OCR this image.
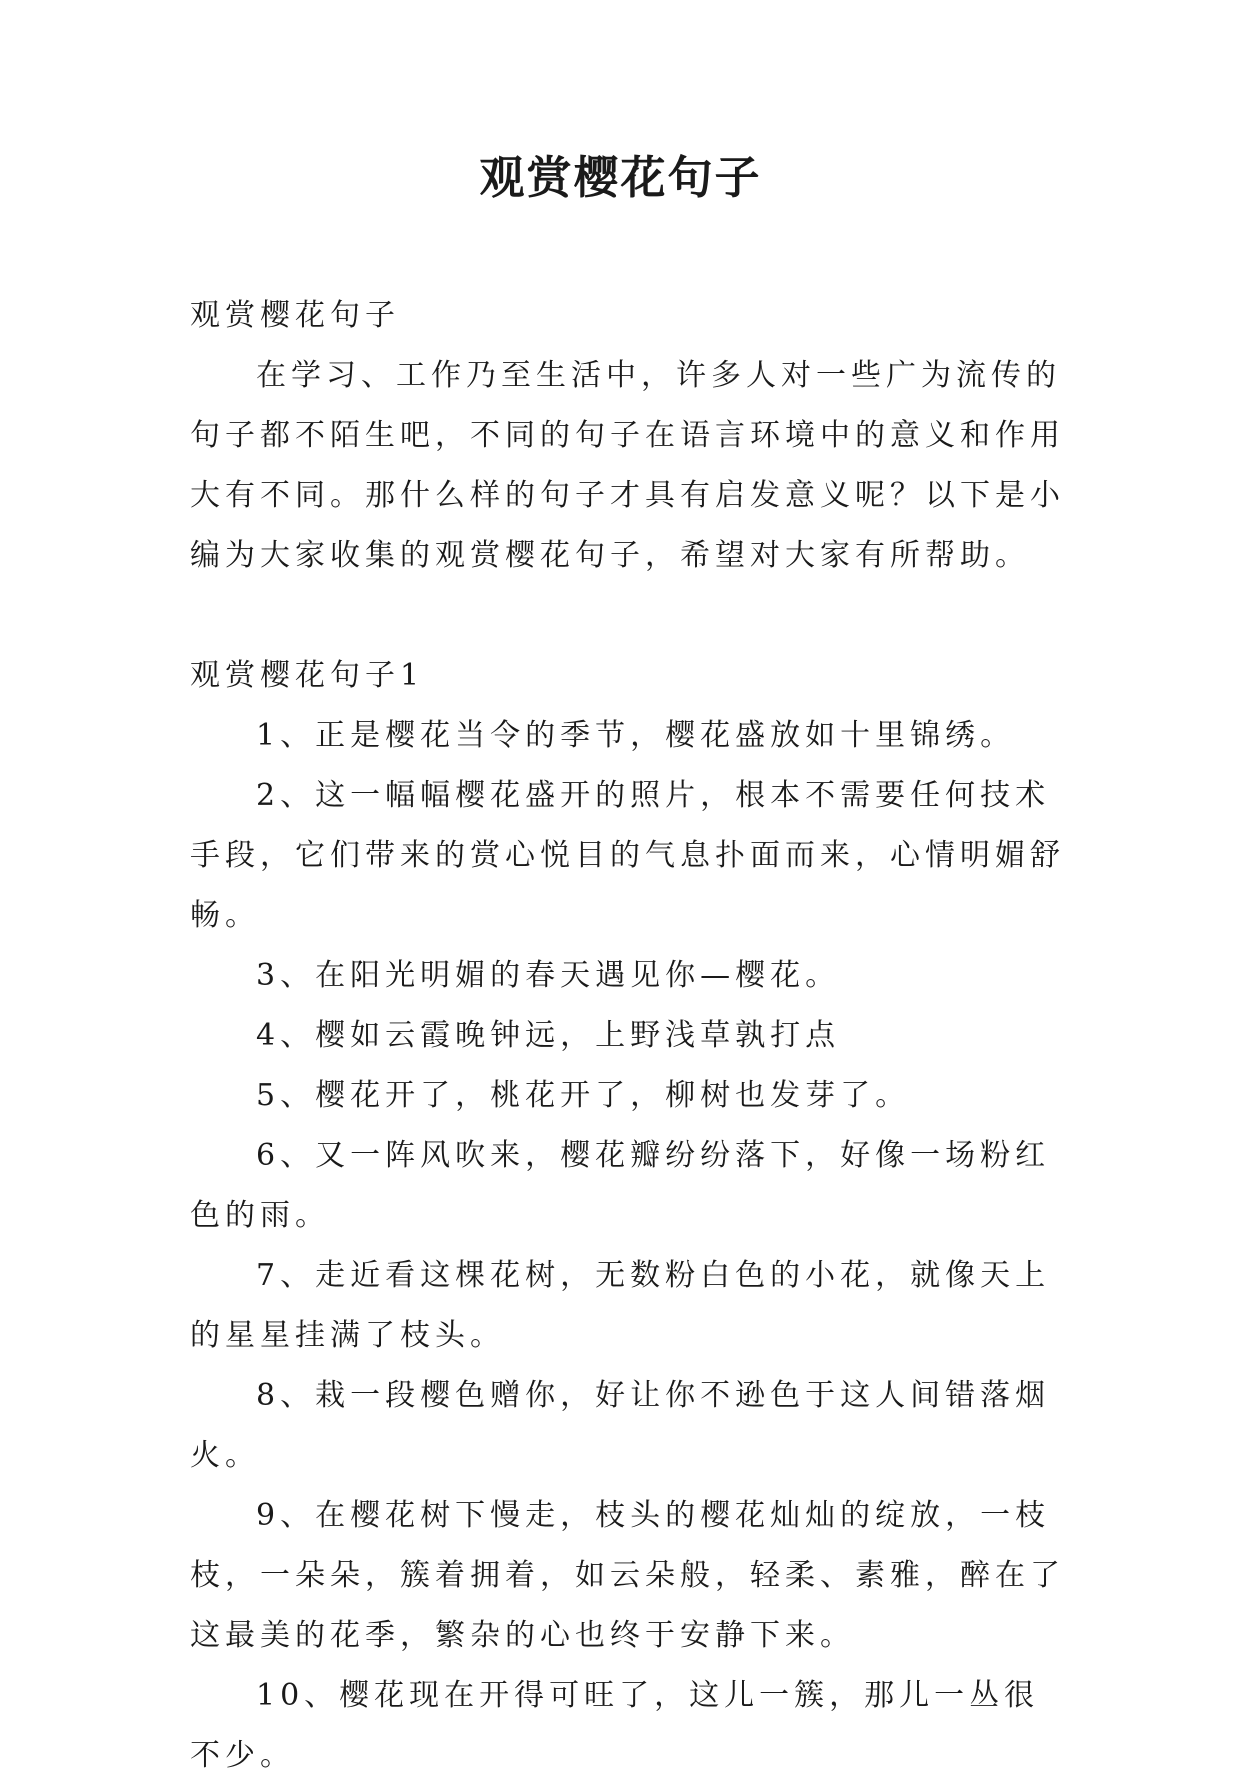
观赏樱花句子

观赏樱花句子

在学习、工作乃至生活中，许多人对一些广为流传的句子都不陌生吧，不同的句子在语言环境中的意义和作用大有不同。那什么样的句子才具有启发意义呢？以下是小编为大家收集的观赏樱花句子，希望对大家有所帮助。

观赏樱花句子1

1、正是樱花当令的季节，樱花盛放如十里锦绣。

2、这一幅幅樱花盛开的照片，根本不需要任何技术手段，它们带来的赏心悦目的气息扑面而来，心情明媚舒畅。

3、在阳光明媚的春天遇见你—樱花。

4、樱如云霞晚钟远，上野浅草孰打点

5、樱花开了，桃花开了，柳树也发芽了。

6、又一阵风吹来，樱花瓣纷纷落下，好像一场粉红色的雨。

7、走近看这棵花树，无数粉白色的小花，就像天上的星星挂满了枝头。

8、栽一段樱色赠你，好让你不逊色于这人间错落烟火。

9、在樱花树下慢走，枝头的樱花灿灿的绽放，一枝枝，一朵朵，簇着拥着，如云朵般，轻柔、素雅，醉在了这最美的花季，繁杂的心也终于安静下来。

10、樱花现在开得可旺了，这儿一簇，那儿一丛很不少。
